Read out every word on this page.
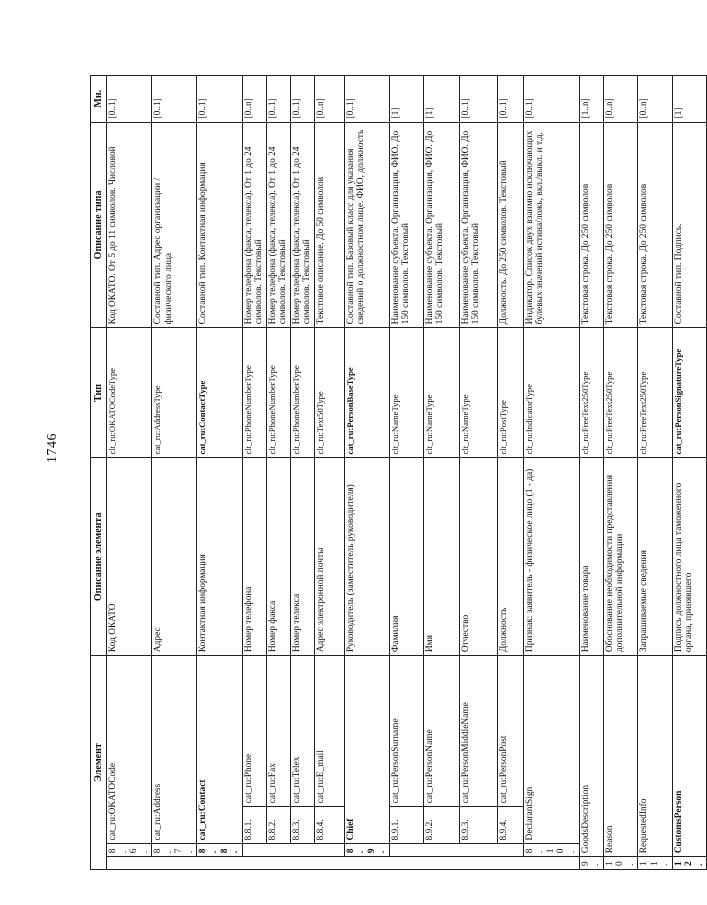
1746
Элемент				Описание элемента	Тип	Описание типа	Мн.
	8.6.	cat_ru:OKATOCode		Код ОКАТО	clt_ru:OKATOCodeType	Код ОКАТО. От 5 до 11 символов. Числовой	[0..1]
	8.7.	cat_ru:Address		Адрес	cat_ru:AddressType	Составной тип. Адрес организации / физического лица	[0..1]
	8.8.	cat_ru:Contact		Контактная информация	cat_ru:ContactType	Составной тип. Контактная информация	[0..1]
		8.8.1.	cat_ru:Phone	Номер телефона	clt_ru:PhoneNumberType	Номер телефона (факса, телекса). От 1 до 24 символов. Текстовый	[0..n]
		8.8.2.	cat_ru:Fax	Номер факса	clt_ru:PhoneNumberType	Номер телефона (факса, телекса). От 1 до 24 символов. Текстовый	[0..1]
		8.8.3.	cat_ru:Telex	Номер телекса	clt_ru:PhoneNumberType	Номер телефона (факса, телекса). От 1 до 24 символов. Текстовый	[0..1]
		8.8.4.	cat_ru:E_mail	Адрес электронной почты	clt_ru:Text50Type	Текстовое описание. До 50 символов	[0..n]
	8.9.	Chief		Руководитель (заместитель руководителя)	cat_ru:PersonBaseType	Составной тип. Базовый класс для указания сведений о должностном лице. ФИО, должность	[0..1]
		8.9.1.	cat_ru:PersonSurname	Фамилия	clt_ru:NameType	Наименование субъекта. Организация, ФИО. До 150 символов. Текстовый	[1]
		8.9.2.	cat_ru:PersonName	Имя	clt_ru:NameType	Наименование субъекта. Организация, ФИО. До 150 символов. Текстовый	[1]
		8.9.3.	cat_ru:PersonMiddleName	Отчество	clt_ru:NameType	Наименование субъекта. Организация, ФИО. До 150 символов. Текстовый	[0..1]
		8.9.4.	cat_ru:PersonPost	Должность	clt_ru:PostType	Должность. До 250 символов. Текстовый	[0..1]
	8.10.	DeclarantSign		Признак: заявитель - физическое лицо (1 - да)	clt_ru:IndicatorType	Индикатор. Список двух взаимно исключающих булевых значений истина/ложь, вкл./выкл. и т.д.	[0..1]
9.	GoodsDescription			Наименование товара	clt_ru:FreeText250Type	Текстовая строка. До 250 символов	[1..n]
10.	Reason			Обоснование необходимости представления дополнительной информации	clt_ru:FreeText250Type	Текстовая строка. До 250 символов	[0..n]
11.	RequestedInfo			Запрашиваемые сведения	clt_ru:FreeText250Type	Текстовая строка. До 250 символов	[0..n]
12.	CustomsPerson			Подпись должностного лица таможенного органа, принявшего	cat_ru:PersonSignatureType	Составной тип. Подпись.	[1]
